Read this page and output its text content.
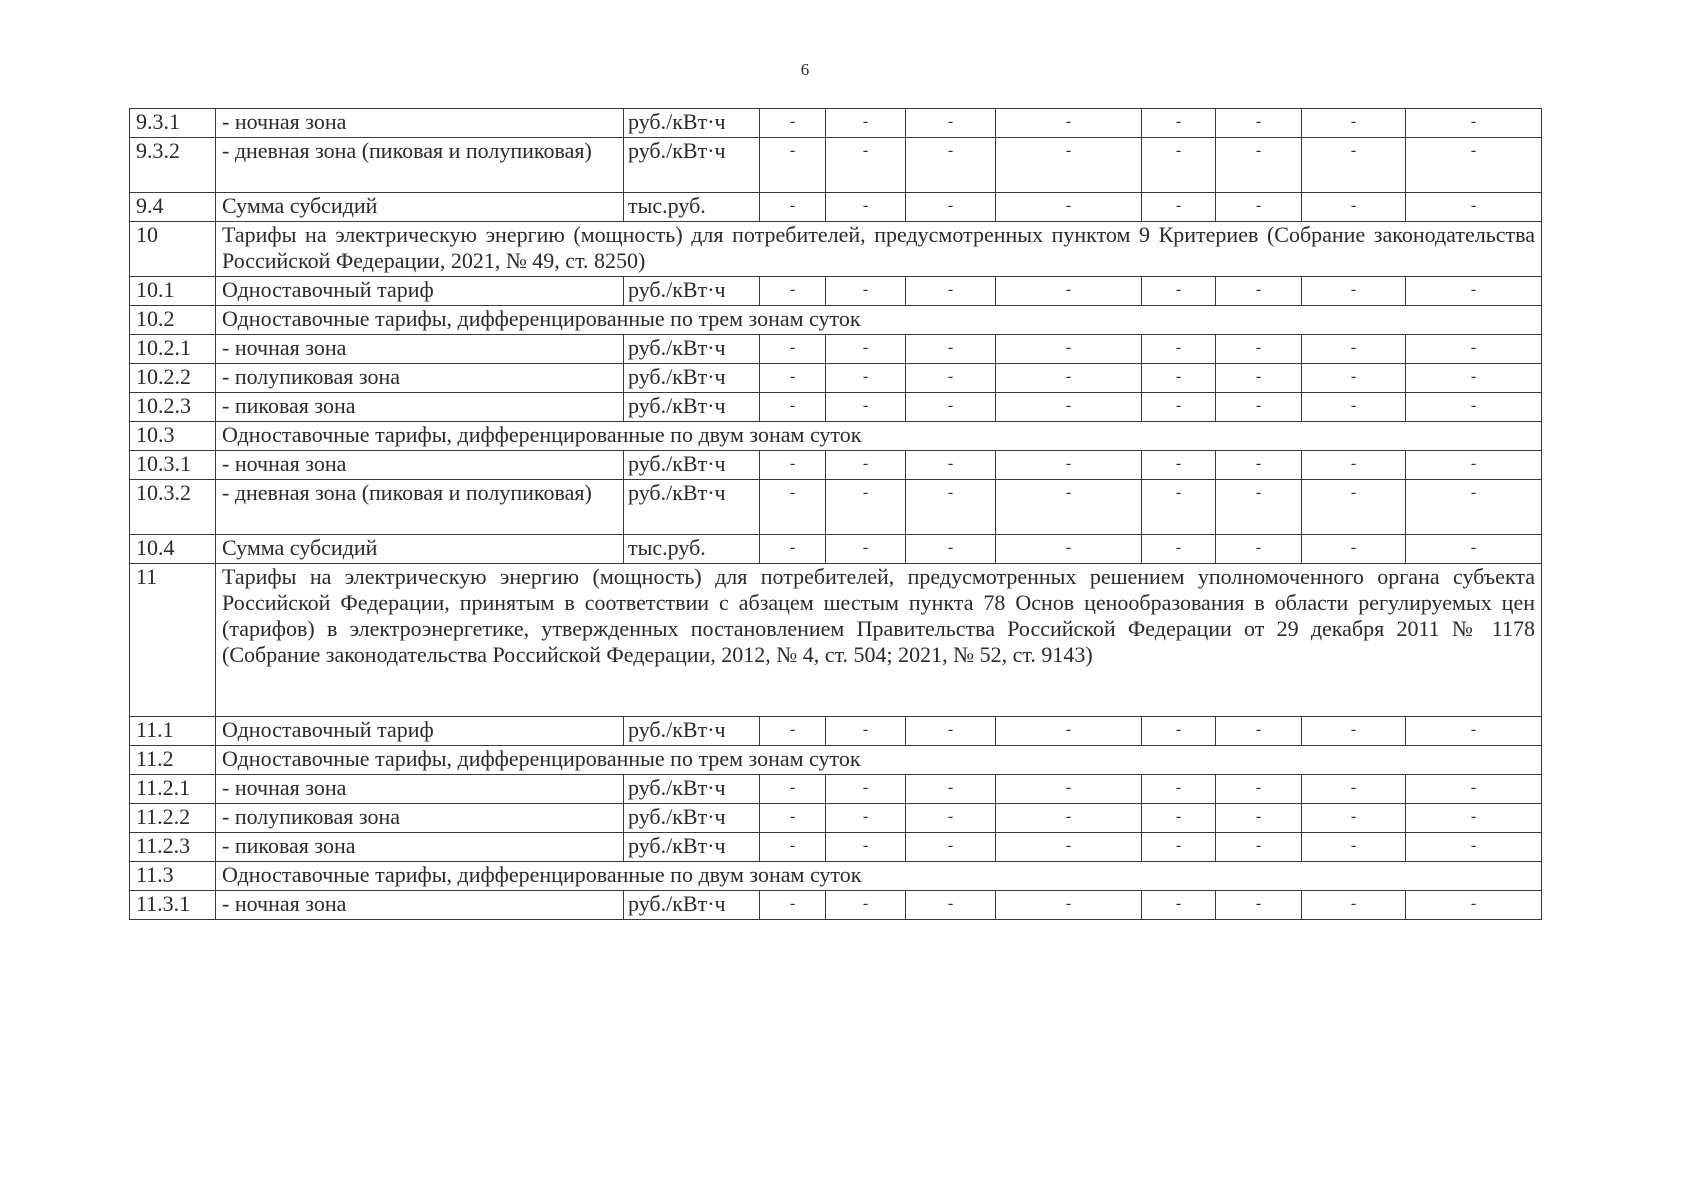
6
9.3.1	- ночная зона	руб./кВт·ч	-	-	-	-	-	-	-	-
9.3.2	- дневная зона (пиковая и полупиковая)	руб./кВт·ч	-	-	-	-	-	-	-	-
9.4	Сумма субсидий	тыс.руб.	-	-	-	-	-	-	-	-
10	Тарифы на электрическую энергию (мощность) для потребителей, предусмотренных пунктом 9 Критериев (Собрание законодательства Российской Федерации, 2021, № 49, ст. 8250)									
10.1	Одноставочный тариф	руб./кВт·ч	-	-	-	-	-	-	-	-
10.2	Одноставочные тарифы, дифференцированные по трем зонам суток									
10.2.1	- ночная зона	руб./кВт·ч	-	-	-	-	-	-	-	-
10.2.2	- полупиковая зона	руб./кВт·ч	-	-	-	-	-	-	-	-
10.2.3	- пиковая зона	руб./кВт·ч	-	-	-	-	-	-	-	-
10.3	Одноставочные тарифы, дифференцированные по двум зонам суток									
10.3.1	- ночная зона	руб./кВт·ч	-	-	-	-	-	-	-	-
10.3.2	- дневная зона (пиковая и полупиковая)	руб./кВт·ч	-	-	-	-	-	-	-	-
10.4	Сумма субсидий	тыс.руб.	-	-	-	-	-	-	-	-
11	Тарифы на электрическую энергию (мощность) для потребителей, предусмотренных решением уполномоченного органа субъекта Российской Федерации, принятым в соответствии с абзацем шестым пункта 78 Основ ценообразования в области регулируемых цен (тарифов) в электроэнергетике, утвержденных постановлением Правительства Российской Федерации от 29 декабря 2011 № 1178 (Собрание законодательства Российской Федерации, 2012, № 4, ст. 504; 2021, № 52, ст. 9143)									
11.1	Одноставочный тариф	руб./кВт·ч	-	-	-	-	-	-	-	-
11.2	Одноставочные тарифы, дифференцированные по трем зонам суток									
11.2.1	- ночная зона	руб./кВт·ч	-	-	-	-	-	-	-	-
11.2.2	- полупиковая зона	руб./кВт·ч	-	-	-	-	-	-	-	-
11.2.3	- пиковая зона	руб./кВт·ч	-	-	-	-	-	-	-	-
11.3	Одноставочные тарифы, дифференцированные по двум зонам суток									
11.3.1	- ночная зона	руб./кВт·ч	-	-	-	-	-	-	-	-
